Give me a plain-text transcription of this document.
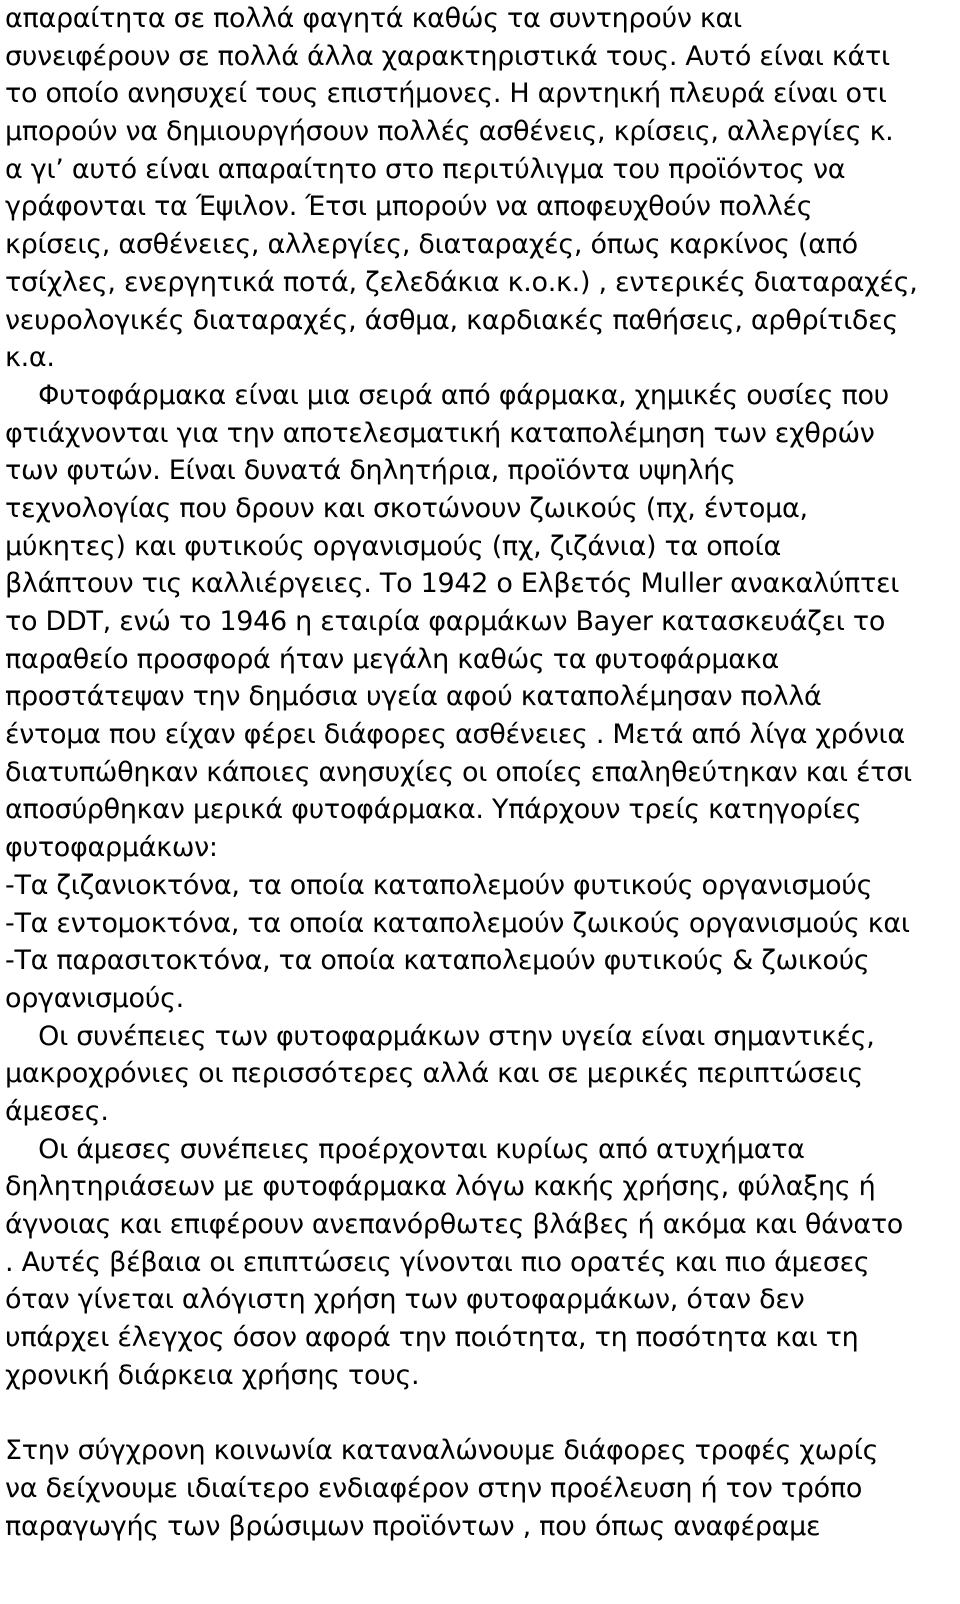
απαραίτητα σε πολλά φαγητά καθώς τα συντηρούν και
συνειφέρουν σε πολλά άλλα χαρακτηριστικά τους. Αυτό είναι κάτι
το οποίο ανησυχεί τους επιστήμονες. Η αρντηική πλευρά είναι οτι
μπορούν να δημιουργήσουν πολλές ασθένεις, κρίσεις, αλλεργίες κ.
α γι’ αυτό είναι απαραίτητο στο περιτύλιγμα του προϊόντος να
γράφονται τα Έψιλον. Έτσι μπορούν να αποφευχθούν πολλές
κρίσεις, ασθένειες, αλλεργίες, διαταραχές, όπως καρκίνος (από
τσίχλες, ενεργητικά ποτά, ζελεδάκια κ.ο.κ.) , εντερικές διαταραχές,
νευρολογικές διαταραχές, άσθμα, καρδιακές παθήσεις, αρθρίτιδες
κ.α.
Φυτοφάρμακα είναι μια σειρά από φάρμακα, χημικές ουσίες που
φτιάχνονται για την αποτελεσματική καταπολέμηση των εχθρών
των φυτών. Είναι δυνατά δηλητήρια, προϊόντα υψηλής
τεχνολογίας που δρουν και σκοτώνουν ζωικούς (πχ, έντομα,
μύκητες) και φυτικούς οργανισμούς (πχ, ζιζάνια) τα οποία
βλάπτουν τις καλλιέργειες. Το 1942 ο Ελβετός Muller ανακαλύπτει
το DDT, ενώ το 1946 η εταιρία φαρμάκων Bayer κατασκευάζει το
παραθείο προσφορά ήταν μεγάλη καθώς τα φυτοφάρμακα
προστάτεψαν την δημόσια υγεία αφού καταπολέμησαν πολλά
έντομα που είχαν φέρει διάφορες ασθένειες . Μετά από λίγα χρόνια
διατυπώθηκαν κάποιες ανησυχίες οι οποίες επαληθεύτηκαν και έτσι
αποσύρθηκαν μερικά φυτοφάρμακα. Υπάρχουν τρείς κατηγορίες
φυτοφαρμάκων:
-Τα ζιζανιοκτόνα, τα οποία καταπολεμούν φυτικούς οργανισμούς
-Τα εντομοκτόνα, τα οποία καταπολεμούν ζωικούς οργανισμούς και
-Τα παρασιτοκτόνα, τα οποία καταπολεμούν φυτικούς & ζωικούς
οργανισμούς.
Οι συνέπειες των φυτοφαρμάκων στην υγεία είναι σημαντικές,
μακροχρόνιες οι περισσότερες αλλά και σε μερικές περιπτώσεις
άμεσες.
Οι άμεσες συνέπειες προέρχονται κυρίως από ατυχήματα
δηλητηριάσεων με φυτοφάρμακα λόγω κακής χρήσης, φύλαξης ή
άγνοιας και επιφέρουν ανεπανόρθωτες βλάβες ή ακόμα και θάνατο
. Αυτές βέβαια οι επιπτώσεις γίνονται πιο ορατές και πιο άμεσες
όταν γίνεται αλόγιστη χρήση των φυτοφαρμάκων, όταν δεν
υπάρχει έλεγχος όσον αφορά την ποιότητα, τη ποσότητα και τη
χρονική διάρκεια χρήσης τους.
Στην σύγχρονη κοινωνία καταναλώνουμε διάφορες τροφές χωρίς
να δείχνουμε ιδιαίτερο ενδιαφέρον στην προέλευση ή τον τρόπο
παραγωγής των βρώσιμων προϊόντων , που όπως αναφέραμε
